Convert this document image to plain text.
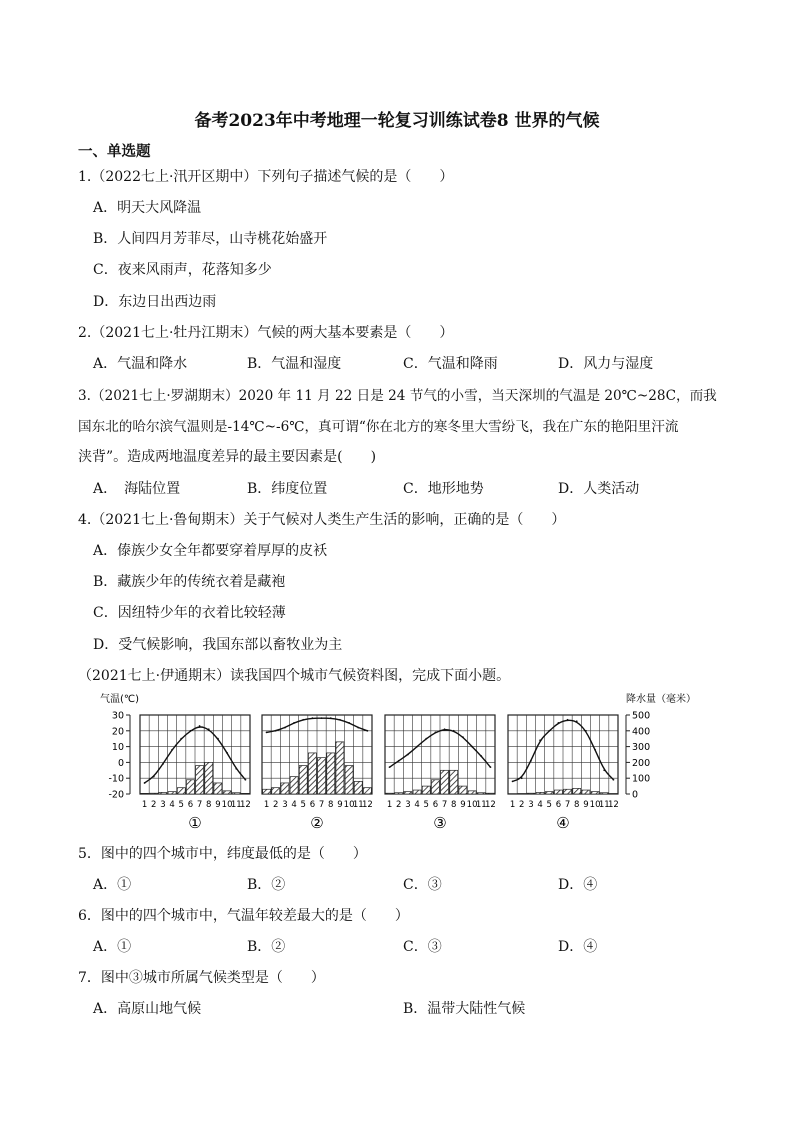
备考2023年中考地理一轮复习训练试卷8 世界的气候
一、单选题
1.（2022七上·汛开区期中）下列句子描述气候的是（　　）
A．明天大风降温
B．人间四月芳菲尽，山寺桃花始盛开
C．夜来风雨声，花落知多少
D．东边日出西边雨
2.（2021七上·牡丹江期末）气候的两大基本要素是（　　）
A．气温和降水	B．气温和湿度	C．气温和降雨	D．风力与湿度
3.（2021七上·罗湖期末）2020 年 11 月 22 日是 24 节气的小雪，当天深圳的气温是 20℃~28C，而我
国东北的哈尔滨气温则是-14℃~-6℃，真可谓“你在北方的寒冬里大雪纷飞，我在广东的艳阳里汗流
浃背”。造成两地温度差异的最主要因素是(　　)
A．　海陆位置	B．纬度位置	C．地形地势	D．人类活动
4.（2021七上·鲁甸期末）关于气候对人类生产生活的影响，正确的是（　　）
A．傣族少女全年都要穿着厚厚的皮袄
B．藏族少年的传统衣着是藏袍
C．因纽特少年的衣着比较轻薄
D．受气候影响，我国东部以畜牧业为主
（2021七上·伊通期末）读我国四个城市气候资料图，完成下面小题。
气温(℃)	降水量（毫米）
30
20
10
0
-10
-20
500
400
300
200
100
0
1 2 3 4 5 6 7 8 9 10
11
12
①
1 2 3 4 5 6 7 8 9 10
11
12
②
1 2 3 4 5 6 7 8 9 10
11
12
③
1 2 3 4 5 6 7 8 9 10
11
12
④
5．图中的四个城市中，纬度最低的是（　　）
A．①	B．②	C．③	D．④
6．图中的四个城市中，气温年较差最大的是（　　）
A．①	B．②	C．③	D．④
7．图中③城市所属气候类型是（　　）
A．高原山地气候	B．温带大陆性气候
